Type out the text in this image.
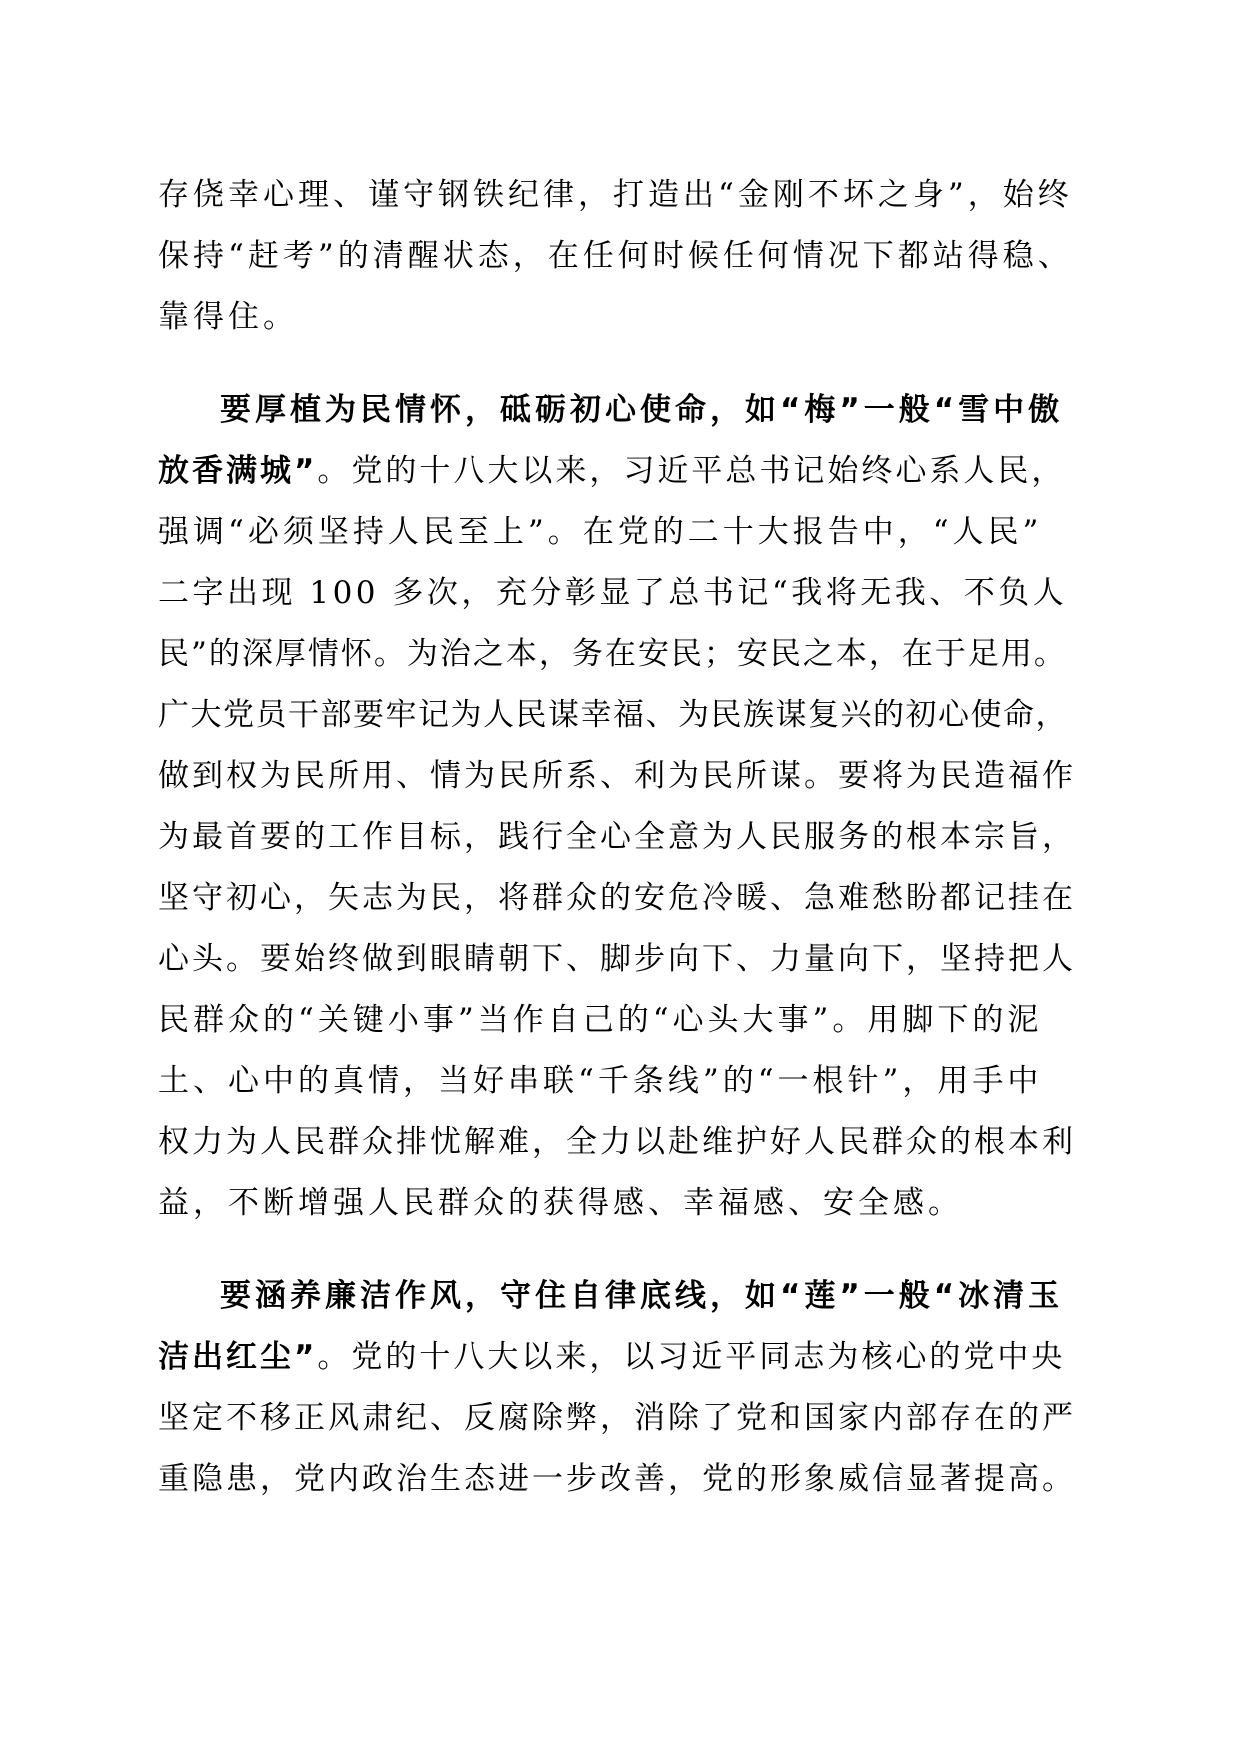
存侥幸心理、谨守钢铁纪律，打造出“金刚不坏之身”，始终
保持“赶考”的清醒状态，在任何时候任何情况下都站得稳、
靠得住。
要厚植为民情怀，砥砺初心使命，如“梅”一般“雪中傲
放香满城”。党的十八大以来，习近平总书记始终心系人民，
强调“必须坚持人民至上”。在党的二十大报告中，“人民”
二字出现 100 多次，充分彰显了总书记“我将无我、不负人
民”的深厚情怀。为治之本，务在安民；安民之本，在于足用。
广大党员干部要牢记为人民谋幸福、为民族谋复兴的初心使命，
做到权为民所用、情为民所系、利为民所谋。要将为民造福作
为最首要的工作目标，践行全心全意为人民服务的根本宗旨，
坚守初心，矢志为民，将群众的安危冷暖、急难愁盼都记挂在
心头。要始终做到眼睛朝下、脚步向下、力量向下，坚持把人
民群众的“关键小事”当作自己的“心头大事”。用脚下的泥
土、心中的真情，当好串联“千条线”的“一根针”，用手中
权力为人民群众排忧解难，全力以赴维护好人民群众的根本利
益，不断增强人民群众的获得感、幸福感、安全感。
要涵养廉洁作风，守住自律底线，如“莲”一般“冰清玉
洁出红尘”。党的十八大以来，以习近平同志为核心的党中央
坚定不移正风肃纪、反腐除弊，消除了党和国家内部存在的严
重隐患，党内政治生态进一步改善，党的形象威信显著提高。
